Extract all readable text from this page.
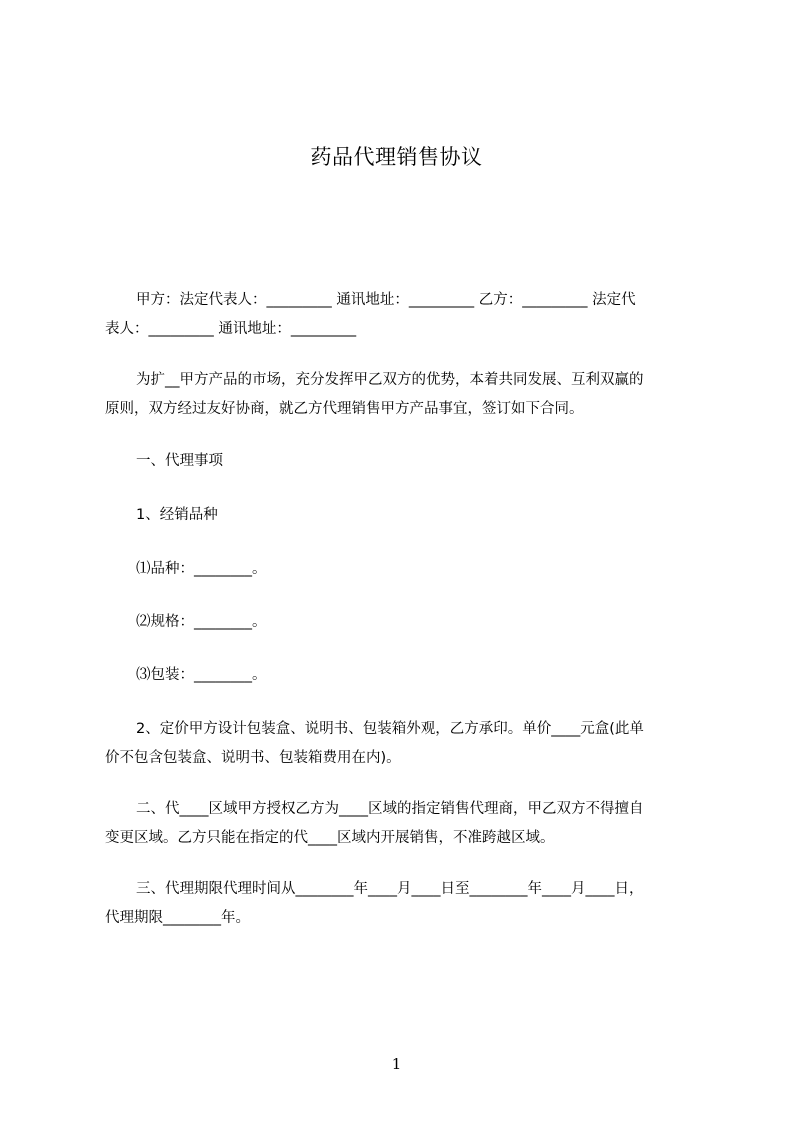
药品代理销售协议
甲方：法定代表人：_________ 通讯地址：_________ 乙方：_________ 法定代
表人：_________ 通讯地址：_________
为扩__甲方产品的市场，充分发挥甲乙双方的优势，本着共同发展、互利双赢的
原则，双方经过友好协商，就乙方代理销售甲方产品事宜，签订如下合同。
一、代理事项
1、经销品种
⑴品种：________。
⑵规格：________。
⑶包装：________。
2、定价甲方设计包装盒、说明书、包装箱外观，乙方承印。单价____元盒(此单
价不包含包装盒、说明书、包装箱费用在内)。
二、代____区域甲方授权乙方为____区域的指定销售代理商，甲乙双方不得擅自
变更区域。乙方只能在指定的代____区域内开展销售，不准跨越区域。
三、代理期限代理时间从________年____月____日至________年____月____日，
代理期限________年。
1
